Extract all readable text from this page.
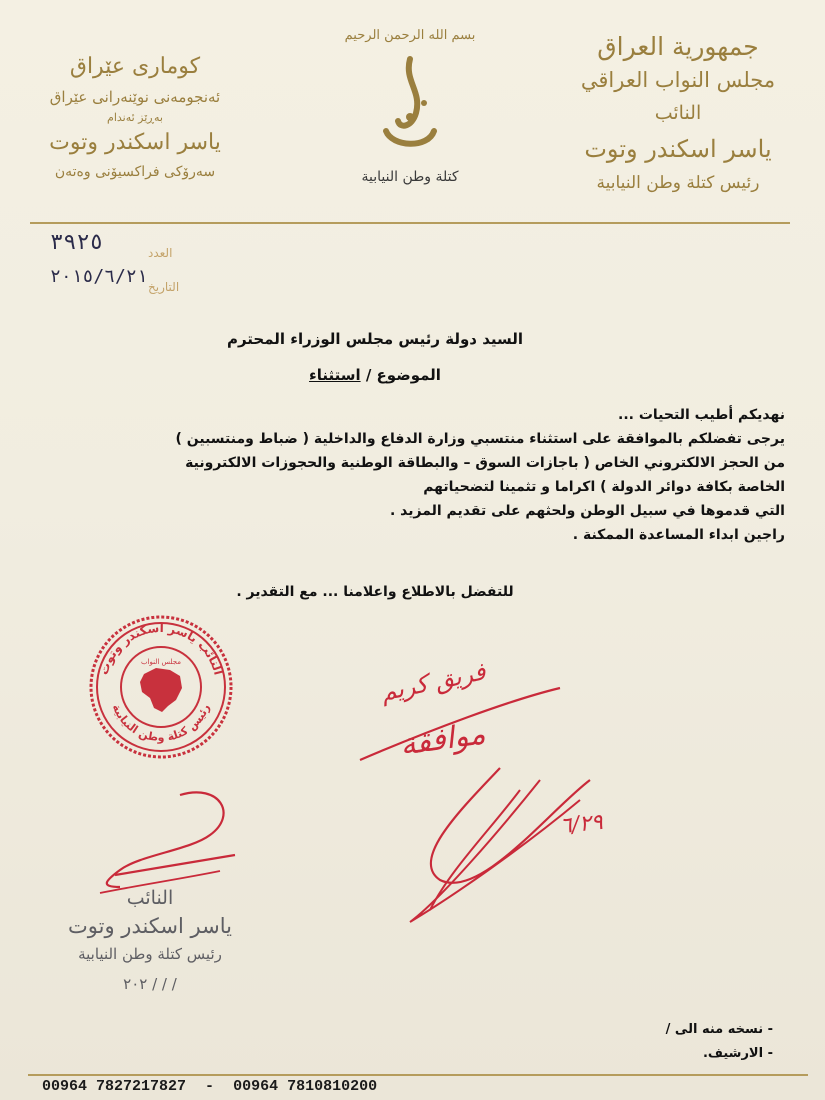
جمهورية العراق
مجلس النواب العراقي
النائب
ياسر اسكندر وتوت
رئيس كتلة وطن النيابية
كوماری عێراق
ئەنجومەنی نوێنەرانی عێراق
بەڕێز ئەندام
یاسر اسکندر وتوت
سەرۆکی فراکسیۆنی وەتەن
بسم الله الرحمن الرحيم
كتلة وطن النيابية
٣٩٢٥	العدد
٢٠١٥/٦/٢١ التاريخ
السيد دولة رئيس مجلس الوزراء المحترم
الموضوع / استثناء

نهديكم أطيب التحيات ...

يرجى تفضلكم بالموافقة على استثناء منتسبي وزارة الدفاع والداخلية ( ضباط ومنتسبين )

من الحجز الالكتروني الخاص ( باجازات السوق – والبطاقة الوطنية والحجوزات الالكترونية

الخاصة بكافة دوائر الدولة ) اكراما و تثمينا لتضحياتهم

التي قدموها في سبيل الوطن ولحثهم على تقديم المزيد .

راجين ابداء المساعدة الممكنة .

للتفضل بالاطلاع واعلامنا ... مع التقدير .
النائب ياسر اسكندر وتوت
رئيس كتلة وطن النيابية
مجلس النواب	فريق كريم
موافقة
٦/٢٩
النائب
ياسر اسكندر وتوت
رئيس كتلة وطن النيابية
٢٠٢ / / /
- نسخه منه الى /
- الارشيف.
00964 7827217827 - 00964 7810810200
